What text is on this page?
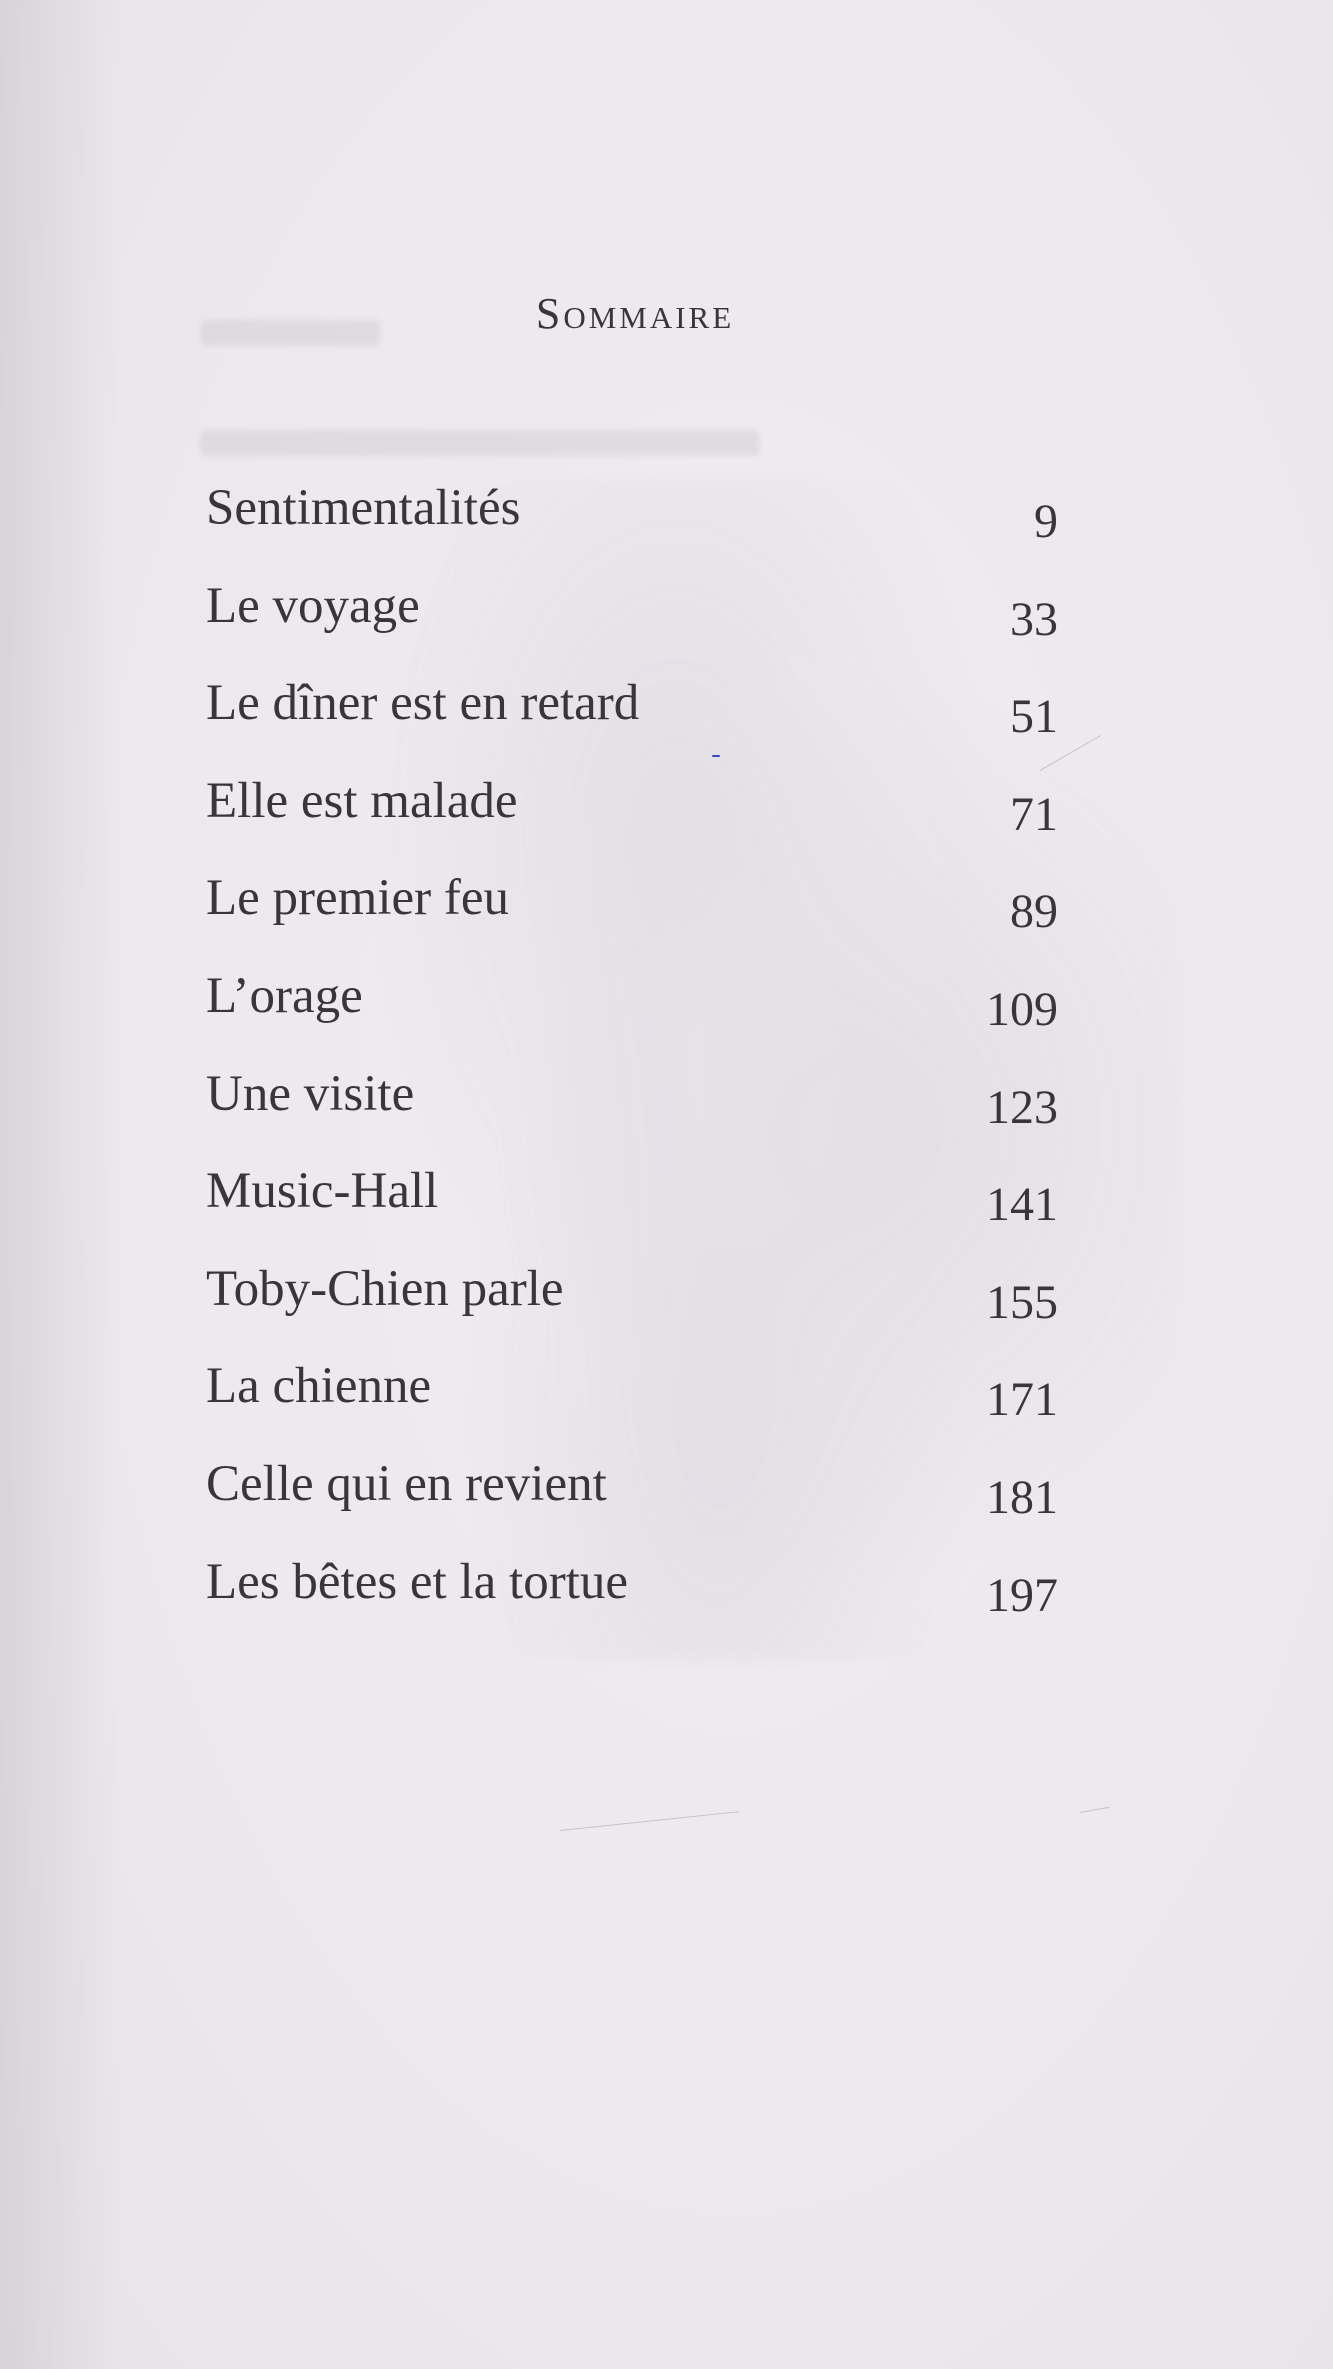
Sommaire
Sentimentalités	9
Le voyage	33
Le dîner est en retard	51
Elle est malade	71
Le premier feu	89
L’orage	109
Une visite	123
Music-Hall	141
Toby-Chien parle	155
La chienne	171
Celle qui en revient	181
Les bêtes et la tortue	197
